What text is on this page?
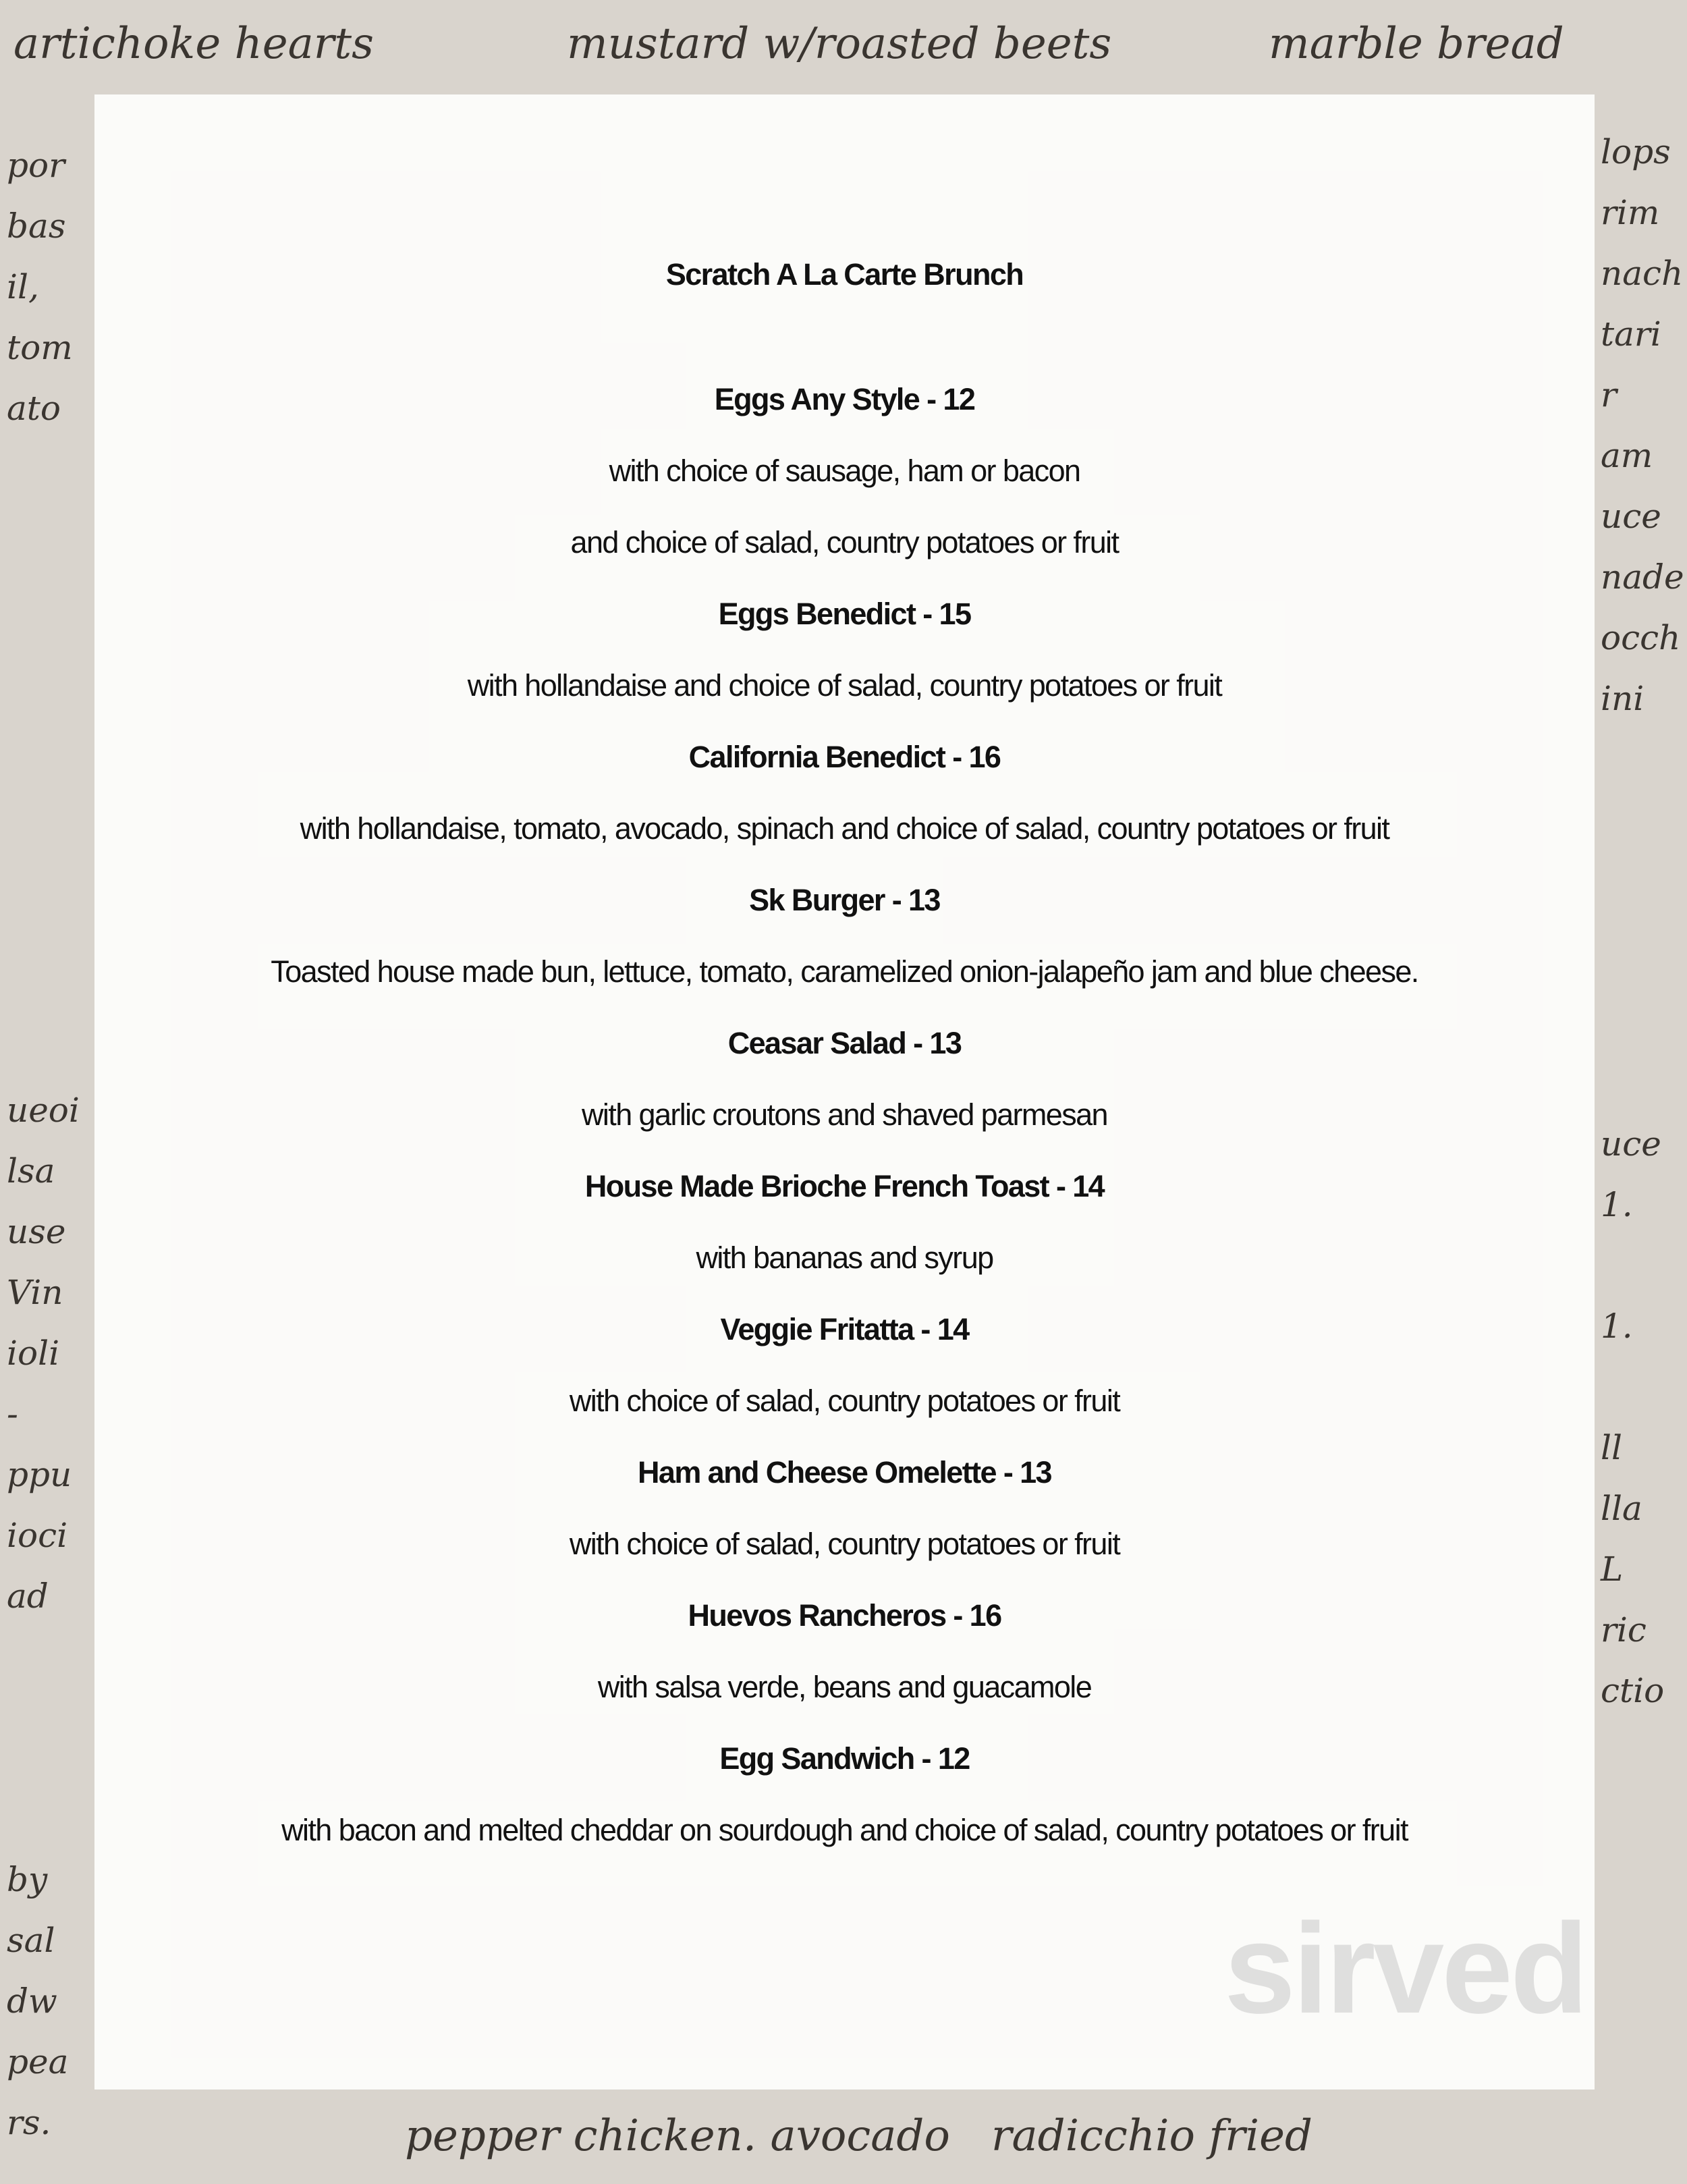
artichoke hearts	mustard w/roasted beets	marble bread
por
bas
il,
tom
ato
ueoi
lsa
use
Vin
ioli
-
ppu
ioci
ad
by
sal
dw
pea
rs.
lops
rim
nach
tari
r
am
uce
nade
occh
ini
uce
1.

1.

ll
lla
L
ric
ctio
pepper chicken. avocado   radicchio fried
Scratch A La Carte Brunch
Eggs Any Style - 12
with choice of sausage, ham or bacon
and choice of salad, country potatoes or fruit
Eggs Benedict - 15
with hollandaise and choice of salad, country potatoes or fruit
California Benedict - 16
with hollandaise, tomato, avocado, spinach and choice of salad, country potatoes or fruit
Sk Burger - 13
Toasted house made bun, lettuce, tomato, caramelized onion-jalapeño jam and blue cheese.
Ceasar Salad - 13
with garlic croutons and shaved parmesan
House Made Brioche French Toast - 14
with bananas and syrup
Veggie Fritatta - 14
with choice of salad, country potatoes or fruit
Ham and Cheese Omelette - 13
with choice of salad, country potatoes or fruit
Huevos Rancheros - 16
with salsa verde, beans and guacamole
Egg Sandwich - 12
with bacon and melted cheddar on sourdough and choice of salad, country potatoes or fruit
sirved
